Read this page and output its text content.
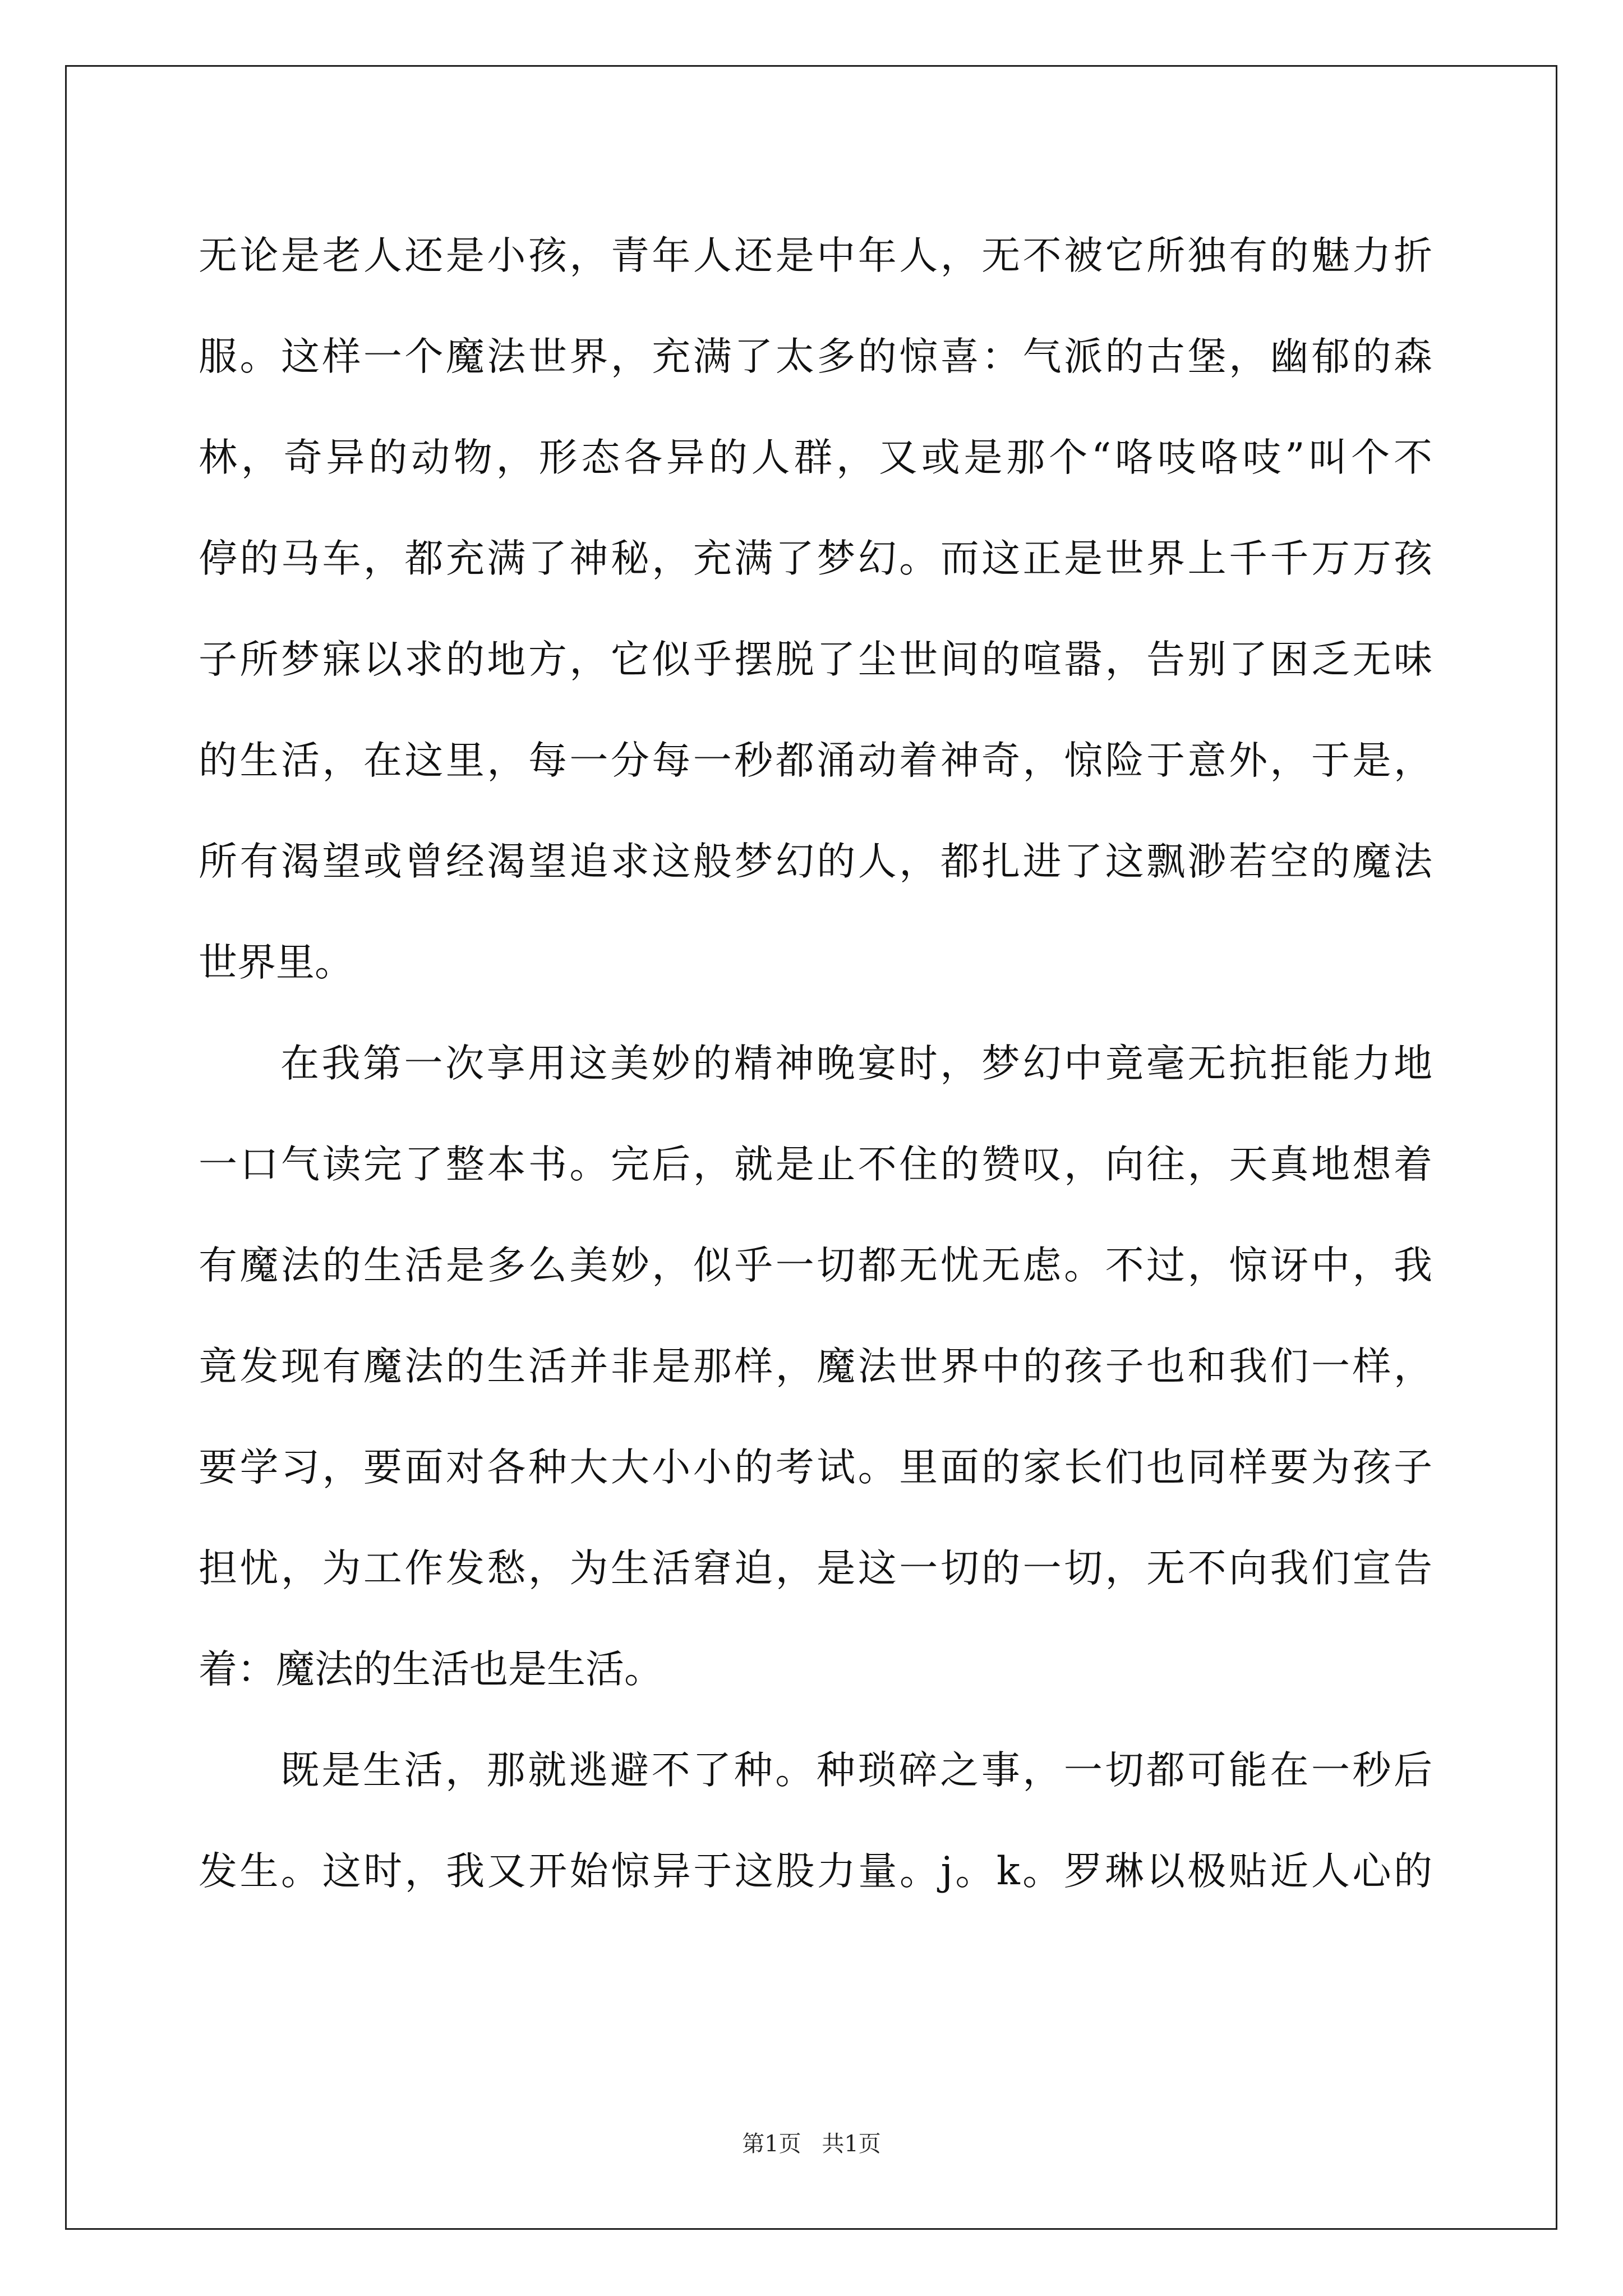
无论是老人还是小孩，青年人还是中年人，无不被它所独有的魅力折
服。这样一个魔法世界，充满了太多的惊喜：气派的古堡，幽郁的森
林，奇异的动物，形态各异的人群，又或是那个“咯吱咯吱”叫个不
停的马车，都充满了神秘，充满了梦幻。而这正是世界上千千万万孩
子所梦寐以求的地方，它似乎摆脱了尘世间的喧嚣，告别了困乏无味
的生活，在这里，每一分每一秒都涌动着神奇，惊险于意外，于是，
所有渴望或曾经渴望追求这般梦幻的人，都扎进了这飘渺若空的魔法
世界里。
在我第一次享用这美妙的精神晚宴时，梦幻中竟毫无抗拒能力地
一口气读完了整本书。完后，就是止不住的赞叹，向往，天真地想着
有魔法的生活是多么美妙，似乎一切都无忧无虑。不过，惊讶中，我
竟发现有魔法的生活并非是那样，魔法世界中的孩子也和我们一样，
要学习，要面对各种大大小小的考试。里面的家长们也同样要为孩子
担忧，为工作发愁，为生活窘迫，是这一切的一切，无不向我们宣告
着：魔法的生活也是生活。
既是生活，那就逃避不了种。种琐碎之事，一切都可能在一秒后
发生。这时，我又开始惊异于这股力量。j。k。罗琳以极贴近人心的
第1页 共1页
